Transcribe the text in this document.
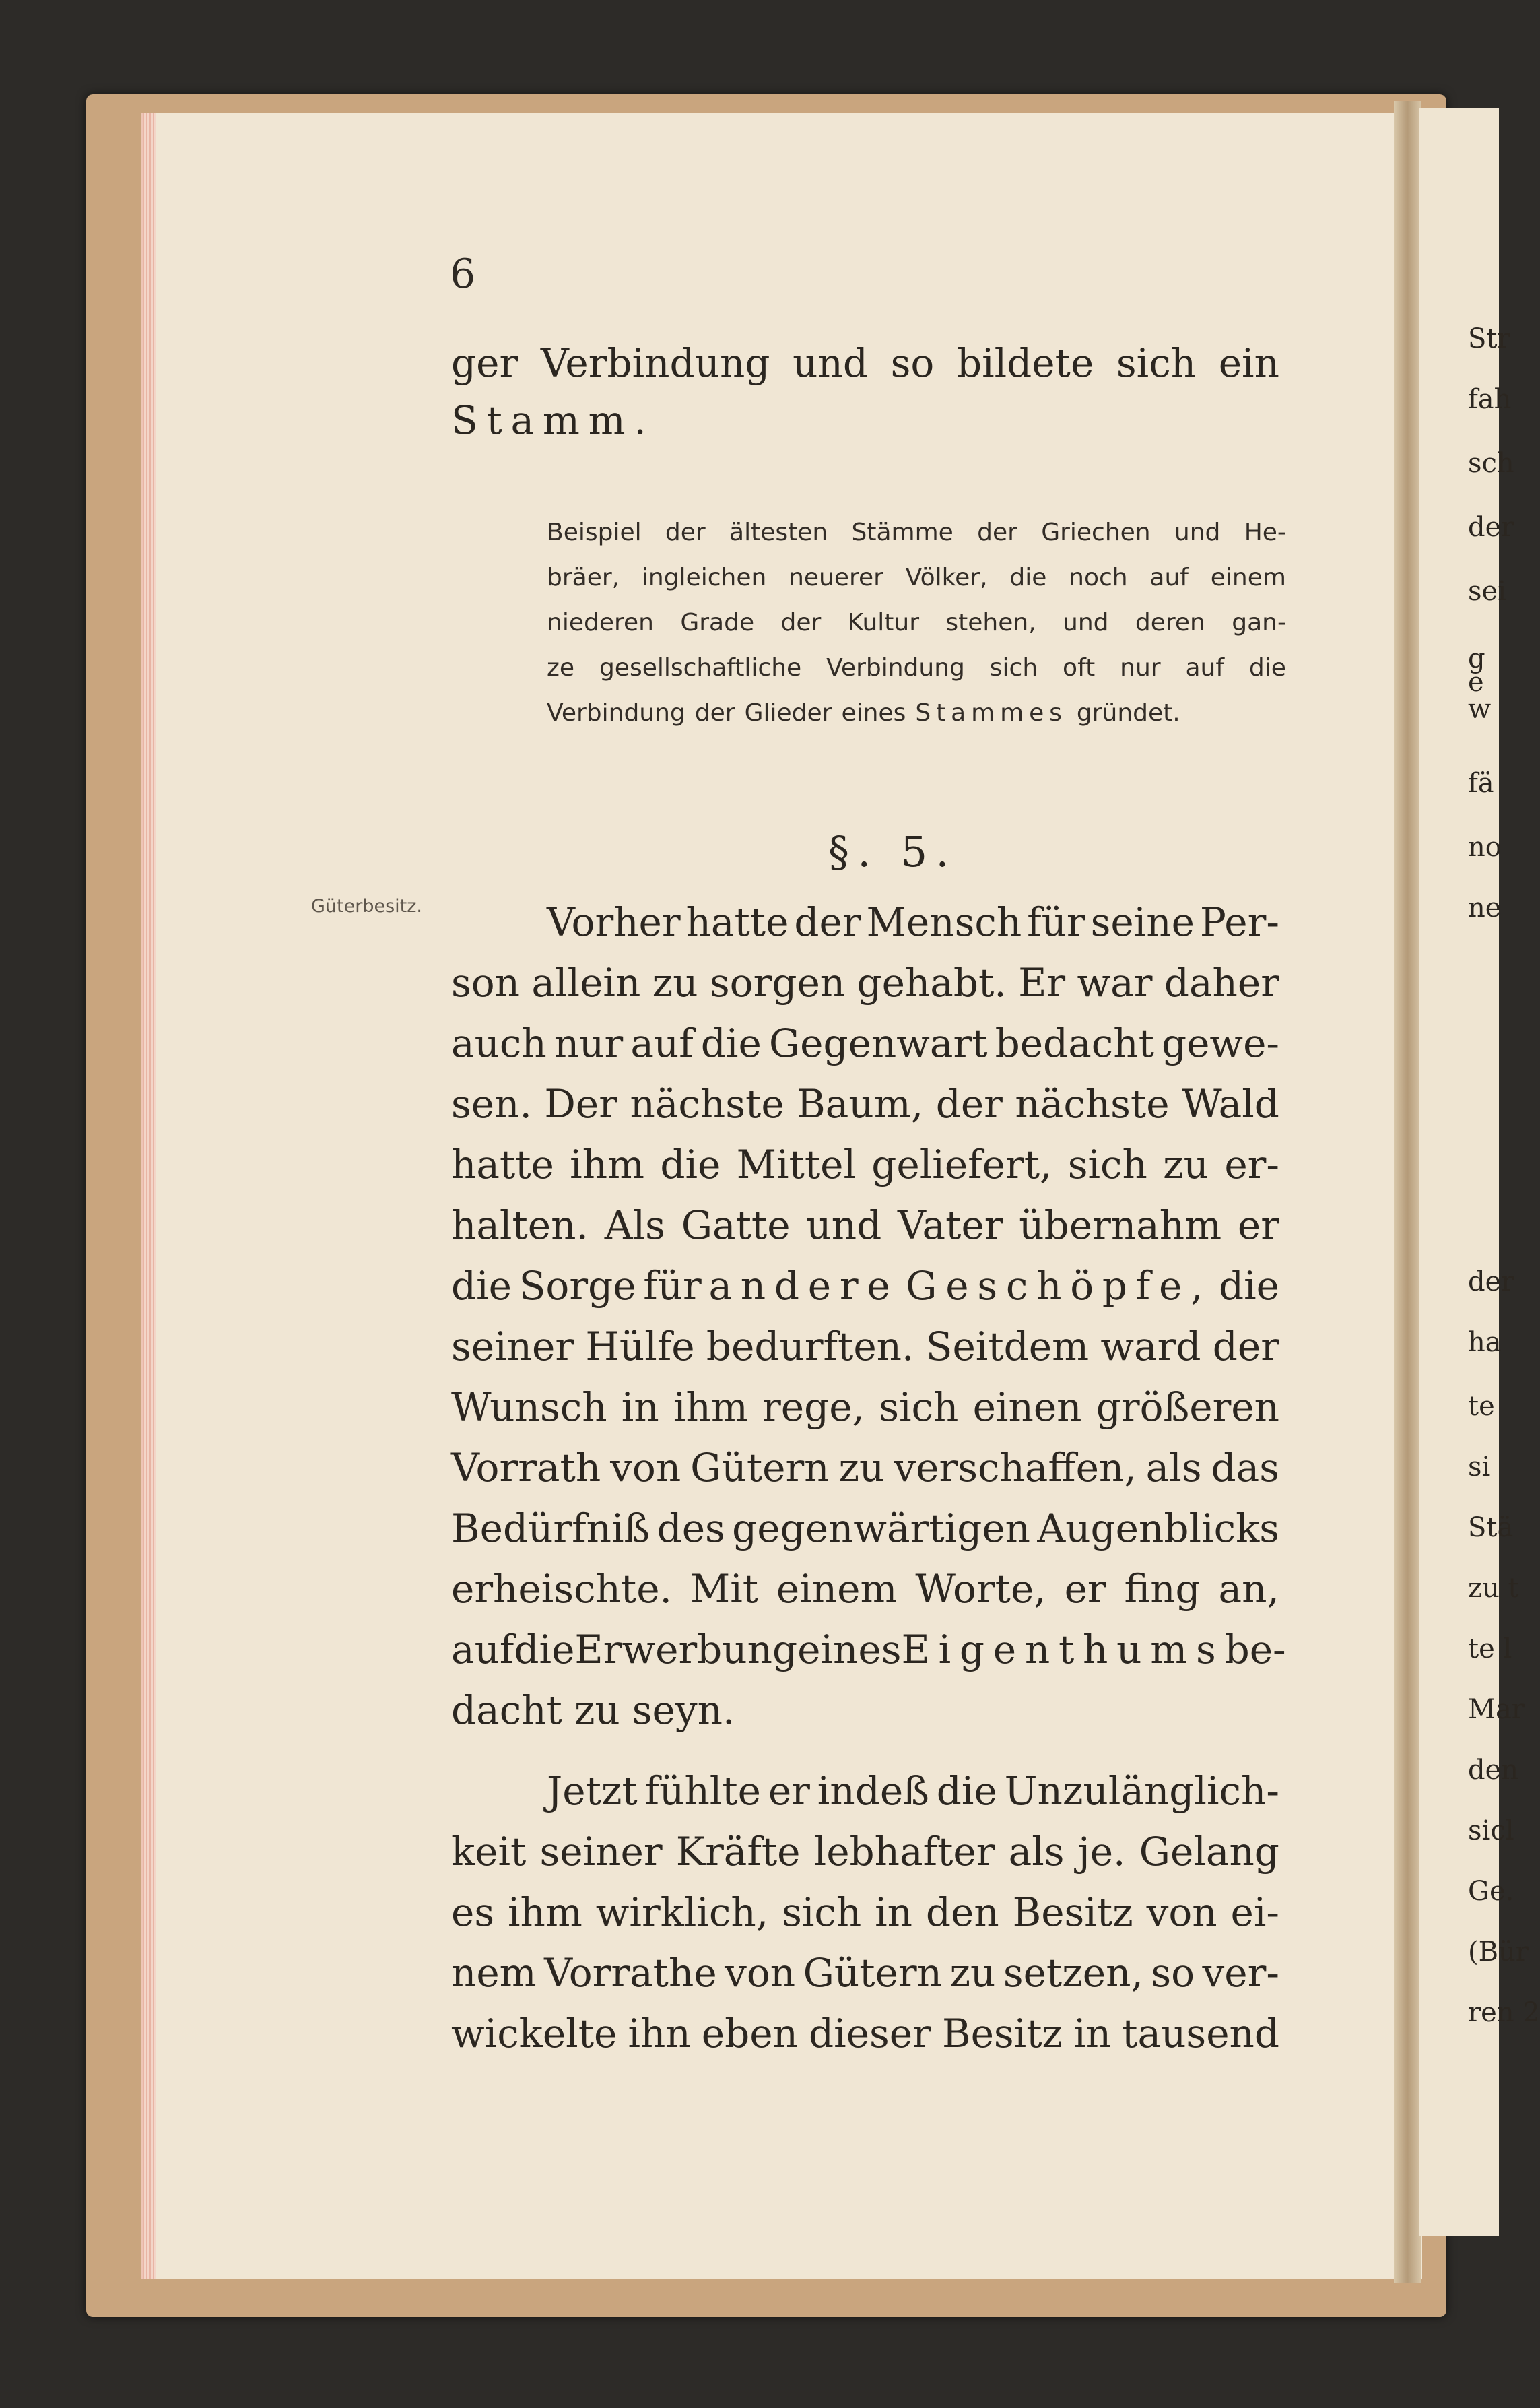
6
ger Verbindung und so bildete sich ein
Stamm.
Beispiel der ältesten Stämme der Griechen und He-
bräer, ingleichen neuerer Völker, die noch auf einem
niederen Grade der Kultur stehen, und deren gan-
ze gesellschaftliche Verbindung sich oft nur auf die
Verbindung der Glieder eines Stammes gründet.
§. 5.
Güterbesitz.	Vorher hatte der Mensch für seine Per-
son allein zu sorgen gehabt. Er war daher
auch nur auf die Gegenwart bedacht gewe-
sen. Der nächste Baum, der nächste Wald
hatte ihm die Mittel geliefert, sich zu er-
halten. Als Gatte und Vater übernahm er
die Sorge für andere Geschöpfe, die
seiner Hülfe bedurften. Seitdem ward der
Wunsch in ihm rege, sich einen größeren
Vorrath von Gütern zu verschaffen, als das
Bedürfniß des gegenwärtigen Augenblicks
erheischte. Mit einem Worte, er fing an,
auf die Erwerbung eines Eigenthums be-
dacht zu seyn.
Jetzt fühlte er indeß die Unzulänglich-
keit seiner Kräfte lebhafter als je. Gelang
es ihm wirklich, sich in den Besitz von ei-
nem Vorrathe von Gütern zu setzen, so ver-
wickelte ihn eben dieser Besitz in tausend
Str
fah
sch
der
sei
g
e
w
fä
no
ne
der
ha
te
si
Stä
zu t
te l
Mar
den
sicl
Ge.
(Bür
ren 2
